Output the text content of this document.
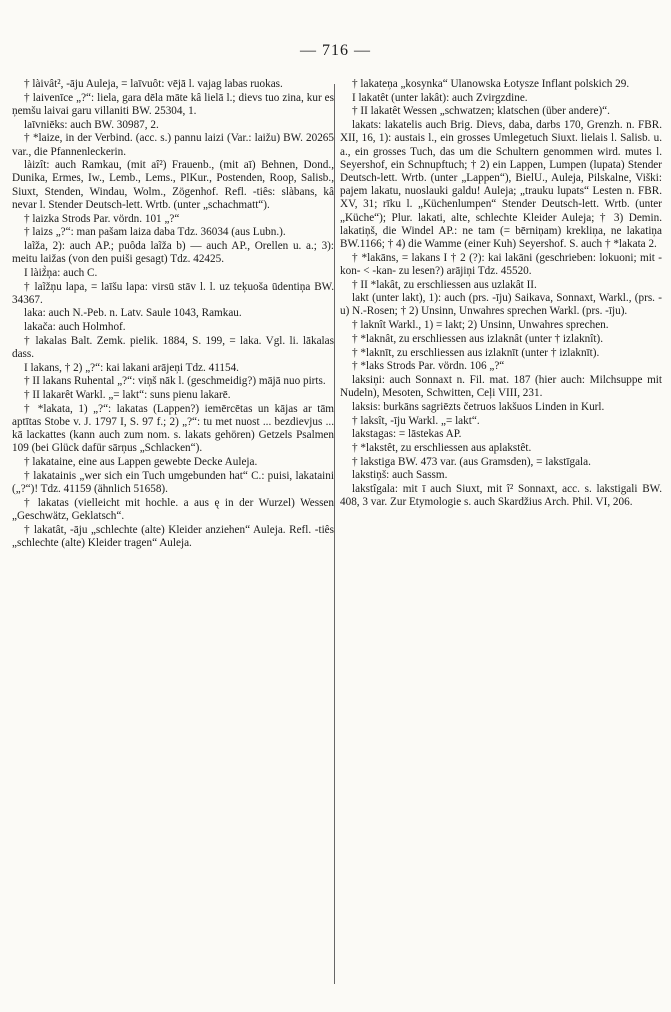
— 716 —

† làivât², -āju Auleja, = laīvuôt: vējā l. vajag labas ruokas.

† laivenīce „?“: liela, gara dēla māte kâ lielā l.; dievs tuo zina, kur es ņemšu laivai garu villaniti BW. 25304, 1.

laīvniēks: auch BW. 30987, 2.

† *laize, in der Verbind. (acc. s.) pannu laizi (Var.: laižu) BW. 20265 var., die Pfannenleckerin.

làizît: auch Ramkau, (mit aî²) Frauenb., (mit aī) Behnen, Dond., Dunika, Ermes, Iw., Lemb., Lems., PlKur., Postenden, Roop, Salisb., Siuxt, Stenden, Windau, Wolm., Zögenhof. Refl. -tiês: slàbans, kâ nevar l. Stender Deutsch-lett. Wrtb. (unter „schachmatt“).

† laizka Strods Par. vördn. 101 „?“

† laizs „?“: man pašam laiza daba Tdz. 36034 (aus Lubn.).

laĩža, 2): auch AP.; puôda laĩža b) — auch AP., Orellen u. a.; 3): meitu laižas (von den puiši gesagt) Tdz. 42425.

I làiž̀ņa: auch C.

† laĩžņu lapa, = laīšu lapa: virsū stāv l. l. uz teķuoša ūdentiņa BW. 34367.

laka: auch N.-Peb. n. Latv. Saule 1043, Ramkau.

lakača: auch Holmhof.

† lakalas Balt. Zemk. pielik. 1884, S. 199, = laka. Vgl. li. lākalas dass.

I lakans, † 2) „?“: kai lakani arājeņi Tdz. 41154.

† II lakans Ruhental „?“: viņš nāk l. (geschmeidig?) mājā nuo pirts.

† II lakarêt Warkl. „= lakt“: suns pienu lakarē.

† *lakata, 1) „?“: lakatas (Lappen?) iemērcētas un kājas ar tām aptītas Stobe v. J. 1797 I, S. 97 f.; 2) „?“: tu met nuost ... bezdievjus ... kā lackattes (kann auch zum nom. s. lakats gehören) Getzels Psalmen 109 (bei Glück dafür sārņus „Schlacken“).

† lakataine, eine aus Lappen gewebte Decke Auleja.

† lakatainis „wer sich ein Tuch umgebunden hat“ C.: puisi, lakataini („?“)! Tdz. 41159 (ähnlich 51658).

† lakatas (vielleicht mit hochle. a aus ę in der Wurzel) Wessen „Geschwätz, Geklatsch“.

† lakatât, -āju „schlechte (alte) Kleider anziehen“ Auleja. Refl. -tiês „schlechte (alte) Kleider tragen“ Auleja.

† lakateņa „kosynka“ Ulanowska Łotysze Inflant polskich 29.

I lakatêt (unter lakât): auch Zvirgzdine.

† II lakatêt Wessen „schwatzen; klatschen (über andere)“.

lakats: lakatelis auch Brig. Dievs, daba, darbs 170, Grenzh. n. FBR. XII, 16, 1): austais l., ein grosses Umlegetuch Siuxt. lielais l. Salisb. u. a., ein grosses Tuch, das um die Schultern genommen wird. mutes l. Seyershof, ein Schnupftuch; † 2) ein Lappen, Lumpen (lupata) Stender Deutsch-lett. Wrtb. (unter „Lappen“), BielU., Auleja, Pilskalne, Viški: pajem lakatu, nuoslauki galdu! Auleja; „trauku lupats“ Lesten n. FBR. XV, 31; rīku l. „Küchenlumpen“ Stender Deutsch-lett. Wrtb. (unter „Küche“); Plur. lakati, alte, schlechte Kleider Auleja; † 3) Demin. lakatiņš, die Windel AP.: ne tam (= bērniņam) krekliņa, ne lakatiņa BW.1166; † 4) die Wamme (einer Kuh) Seyershof. S. auch † *lakata 2.

† *lakāns, = lakans I † 2 (?): kai lakāni (geschrieben: lokuoni; mit -kon- < -kan- zu lesen?) arājiņi Tdz. 45520.

† II *lakât, zu erschliessen aus uzlakât II.

lakt (unter lakt), 1): auch (prs. -īju) Saikava, Sonnaxt, Warkl., (prs. -u) N.-Rosen; † 2) Unsinn, Unwahres sprechen Warkl. (prs. -īju).

† laknît Warkl., 1) = lakt; 2) Unsinn, Unwahres sprechen.

† *laknât, zu erschliessen aus izlaknât (unter † izlaknît).

† *laknīt, zu erschliessen aus izlaknīt (unter † izlaknīt).

† *laks Strods Par. vördn. 106 „?“

laksiņi: auch Sonnaxt n. Fil. mat. 187 (hier auch: Milchsuppe mit Nudeln), Mesoten, Schwitten, Ceļi VIII, 231.

laksis: burkāns sagriēzts četruos lakšuos Linden in Kurl.

† laksît, -īju Warkl. „= lakt“.

lakstagas: = lāstekas AP.

† *lakstêt, zu erschliessen aus aplakstêt.

† lakstiga BW. 473 var. (aus Gramsden), = lakstīgala.

lakstiņš: auch Sassm.

lakstîgala: mit ī auch Siuxt, mit î² Sonnaxt, acc. s. lakstigali BW. 408, 3 var. Zur Etymologie s. auch Skardžius Arch. Phil. VI, 206.
